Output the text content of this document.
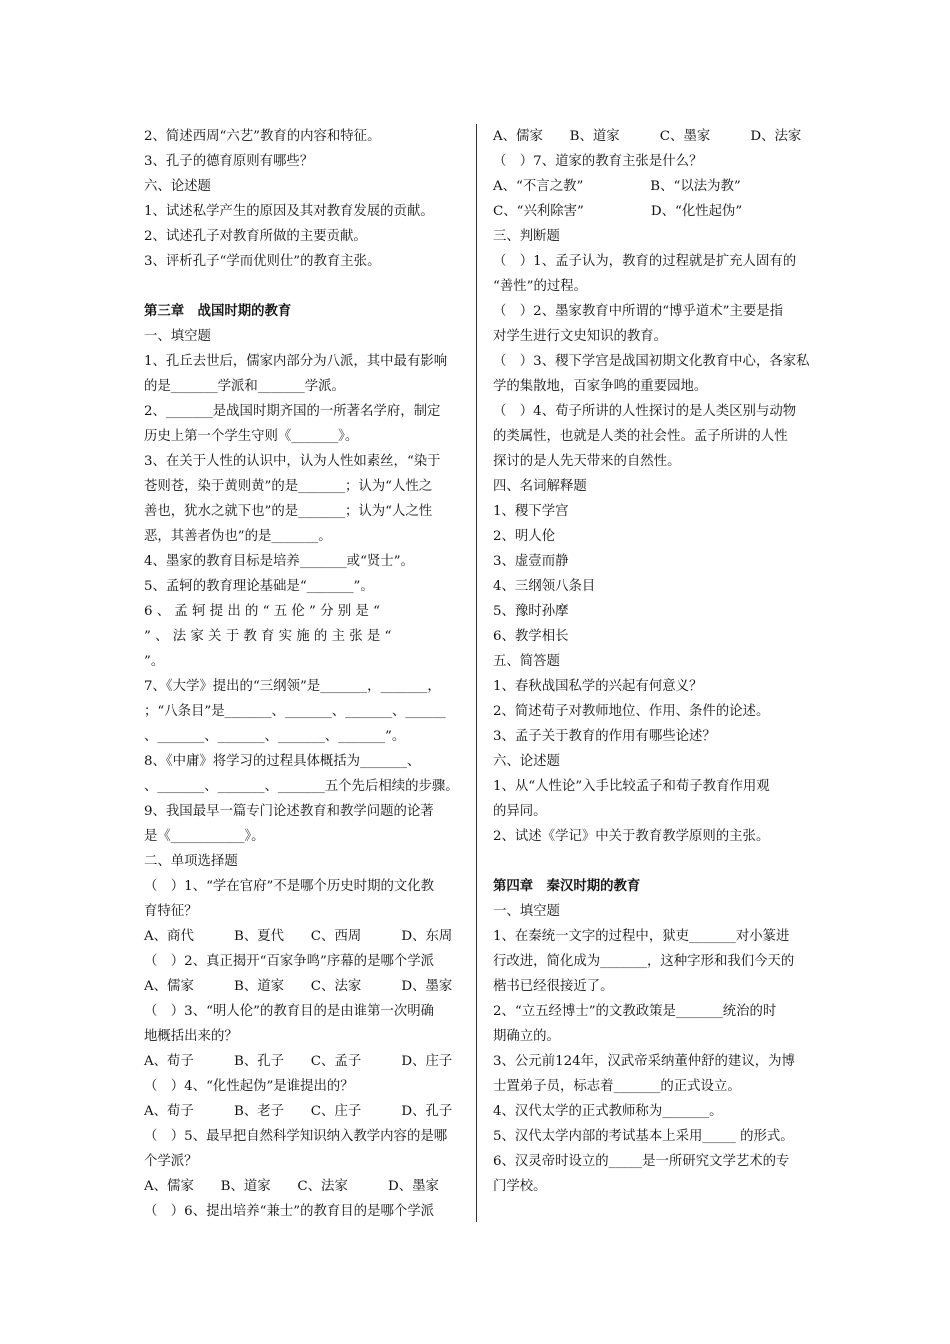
2、简述西周“六艺”教育的内容和特征。
3、孔子的德育原则有哪些？
六、论述题
1、试述私学产生的原因及其对教育发展的贡献。
2、试述孔子对教育所做的主要贡献。
3、评析孔子“学而优则仕”的教育主张。
第三章　战国时期的教育
一、填空题
1、孔丘去世后，儒家内部分为八派，其中最有影响
的是_______学派和_______学派。
2、_______是战国时期齐国的一所著名学府，制定
历史上第一个学生守则《_______》。
3、在关于人性的认识中，认为人性如素丝，“染于
苍则苍，染于黄则黄”的是_______；认为“人性之
善也，犹水之就下也”的是_______；认为“人之性
恶，其善者伪也”的是_______。
4、墨家的教育目标是培养_______或“贤士”。
5、孟轲的教育理论基础是“_______”。
6 、 孟 轲 提 出 的 “ 五 伦 ” 分 别 是 “
” 、 法 家 关 于 教 育 实 施 的 主 张 是 “
”。
7、《大学》提出的“三纲领”是_______，_______，
；“八条目”是_______、_______、_______、______
、_______、_______、_______、_______”。
8、《中庸》将学习的过程具体概括为_______、
、_______、_______、_______五个先后相续的步骤。
9、我国最早一篇专门论述教育和教学问题的论著
是《___________》。
二、单项选择题
（　）1、“学在官府”不是哪个历史时期的文化教
育特征？
A、商代　　　B、夏代　　C、西周　　　D、东周
（　）2、真正揭开“百家争鸣”序幕的是哪个学派
A、儒家　　　B、道家　　C、法家　　　D、墨家
（　）3、“明人伦”的教育目的是由谁第一次明确
地概括出来的？
A、荀子　　　B、孔子　　C、孟子　　　D、庄子
（　）4、“化性起伪”是谁提出的？
A、荀子　　　B、老子　　C、庄子　　　D、孔子
（　）5、最早把自然科学知识纳入教学内容的是哪
个学派？
A、儒家　　B、道家　　C、法家　　　D、墨家
（　）6、提出培养“兼士”的教育目的是哪个学派
A、儒家　　B、道家　　　C、墨家　　　D、法家
（　）7、道家的教育主张是什么？
A、“不言之教”　　　　　B、“以法为教”
C、“兴利除害”　　　　　D、“化性起伪”
三、判断题
（　）1、孟子认为，教育的过程就是扩充人固有的
“善性”的过程。
（　）2、墨家教育中所谓的“博乎道术”主要是指
对学生进行文史知识的教育。
（　）3、稷下学宫是战国初期文化教育中心，各家私
学的集散地，百家争鸣的重要园地。
（　）4、荀子所讲的人性探讨的是人类区别与动物
的类属性，也就是人类的社会性。孟子所讲的人性
探讨的是人先天带来的自然性。
四、名词解释题
1、稷下学宫
2、明人伦
3、虚壹而静
4、三纲领八条目
5、豫时孙摩
6、教学相长
五、简答题
1、春秋战国私学的兴起有何意义？
2、简述荀子对教师地位、作用、条件的论述。
3、孟子关于教育的作用有哪些论述？
六、论述题
1、从“人性论”入手比较孟子和荀子教育作用观
的异同。
2、试述《学记》中关于教育教学原则的主张。
第四章　秦汉时期的教育
一、填空题
1、在秦统一文字的过程中，狱吏_______对小篆进
行改进，简化成为_______，这种字形和我们今天的
楷书已经很接近了。
2、“立五经博士”的文教政策是_______统治的时
期确立的。
3、公元前124年，汉武帝采纳董仲舒的建议，为博
士置弟子员，标志着_______的正式设立。
4、汉代太学的正式教师称为_______。
5、汉代太学内部的考试基本上采用_____ 的形式。
6、汉灵帝时设立的_____是一所研究文学艺术的专
门学校。
